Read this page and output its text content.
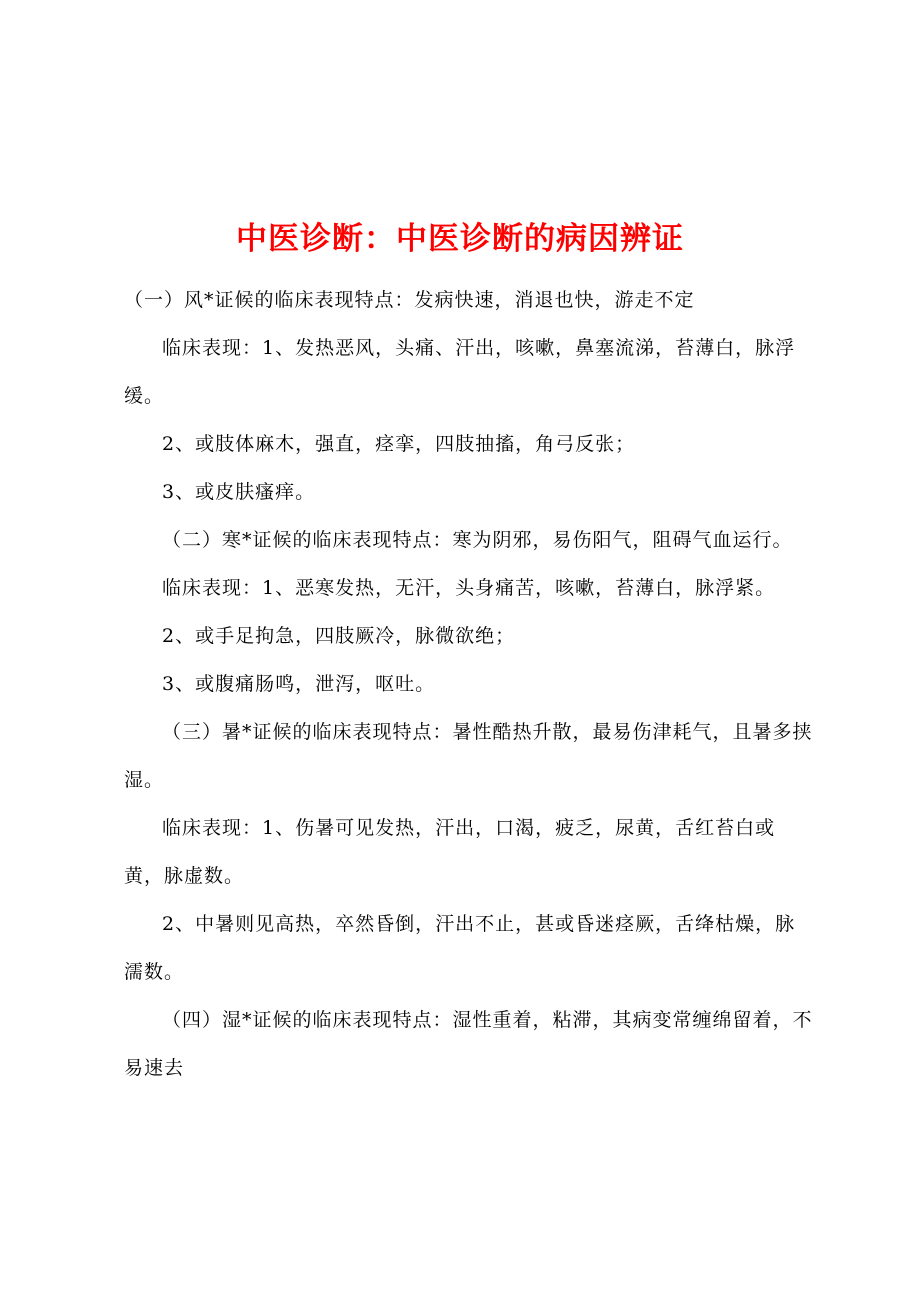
中医诊断：中医诊断的病因辨证

（一）风*证候的临床表现特点：发病快速，消退也快，游走不定

临床表现：1、发热恶风，头痛、汗出，咳嗽，鼻塞流涕，苔薄白，脉浮缓。

2、或肢体麻木，强直，痉挛，四肢抽搐，角弓反张；

3、或皮肤瘙痒。

（二）寒*证候的临床表现特点：寒为阴邪，易伤阳气，阻碍气血运行。

临床表现：1、恶寒发热，无汗，头身痛苦，咳嗽，苔薄白，脉浮紧。

2、或手足拘急，四肢厥冷，脉微欲绝；

3、或腹痛肠鸣，泄泻，呕吐。

（三）暑*证候的临床表现特点：暑性酷热升散，最易伤津耗气，且暑多挟湿。

临床表现：1、伤暑可见发热，汗出，口渴，疲乏，尿黄，舌红苔白或黄，脉虚数。

2、中暑则见高热，卒然昏倒，汗出不止，甚或昏迷痉厥，舌绛枯燥，脉濡数。

（四）湿*证候的临床表现特点：湿性重着，粘滞，其病变常缠绵留着，不易速去
